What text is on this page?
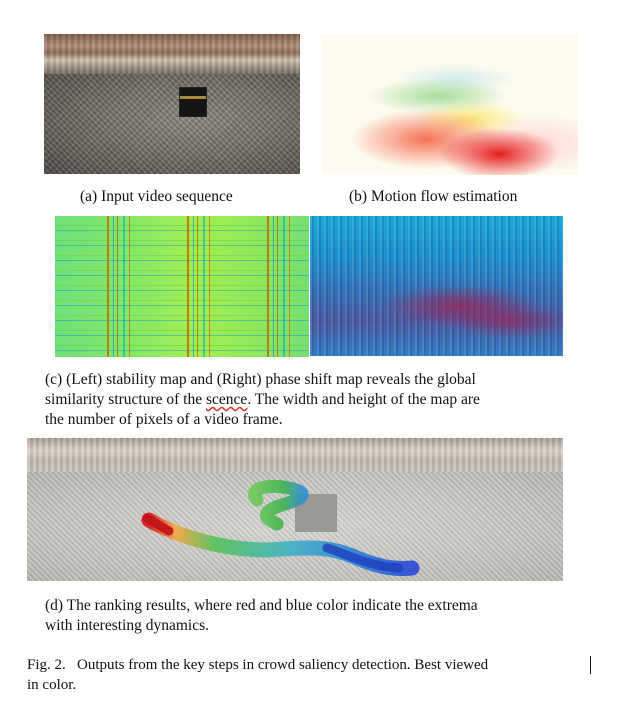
(a) Input video sequence	(b) Motion flow estimation
(c) (Left) stability map and (Right) phase shift map reveals the global
similarity structure of the scence. The width and height of the map are
the number of pixels of a video frame.
(d) The ranking results, where red and blue color indicate the extrema
with interesting dynamics.
Fig. 2.   Outputs from the key steps in crowd saliency detection. Best viewed
in color.
